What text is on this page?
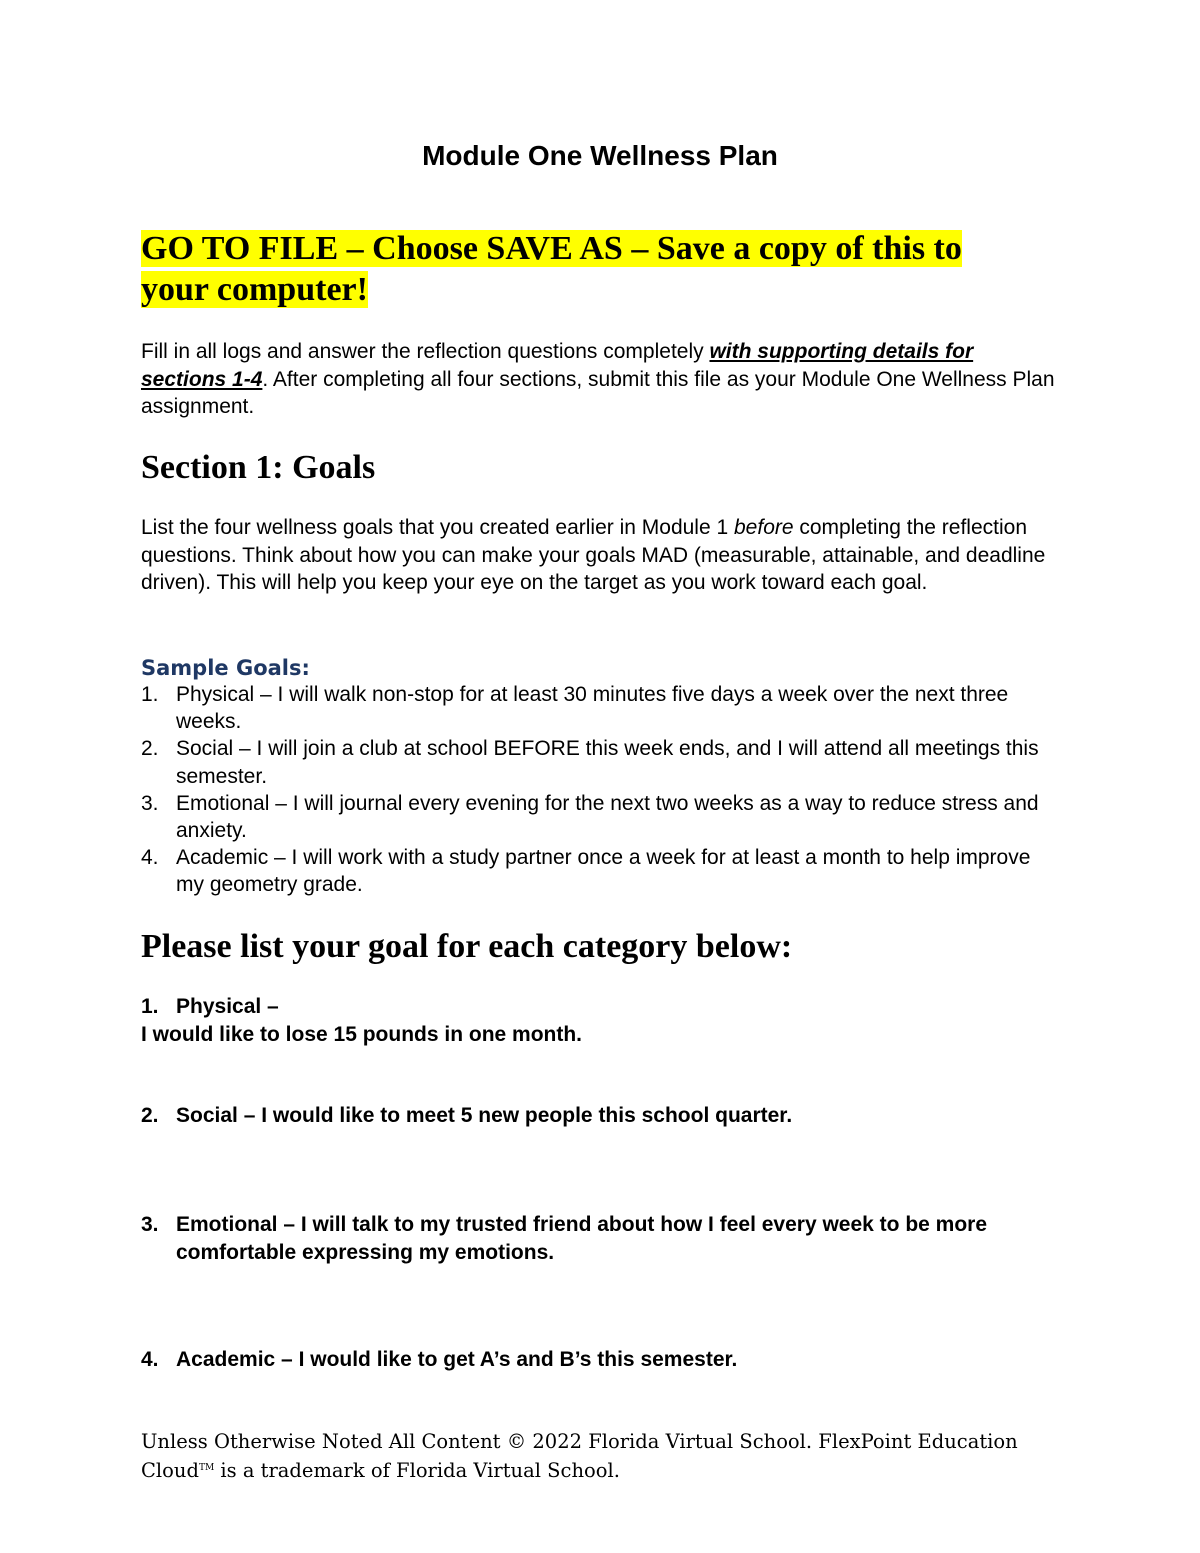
Module One Wellness Plan

GO TO FILE – Choose SAVE AS – Save a copy of this to
your computer!

Fill in all logs and answer the reflection questions completely with supporting details for sections 1-4. After completing all four sections, submit this file as your Module One Wellness Plan assignment.

Section 1: Goals

List the four wellness goals that you created earlier in Module 1 before completing the reflection questions. Think about how you can make your goals MAD (measurable, attainable, and deadline driven). This will help you keep your eye on the target as you work toward each goal.

Sample Goals:

1. Physical – I will walk non-stop for at least 30 minutes five days a week over the next three weeks.
2. Social – I will join a club at school BEFORE this week ends, and I will attend all meetings this semester.
3. Emotional – I will journal every evening for the next two weeks as a way to reduce stress and anxiety.
4. Academic – I will work with a study partner once a week for at least a month to help improve my geometry grade.
Please list your goal for each category below:
1. Physical –
I would like to lose 15 pounds in one month.
2. Social – I would like to meet 5 new people this school quarter.
3. Emotional – I will talk to my trusted friend about how I feel every week to be more comfortable expressing my emotions.
4. Academic – I would like to get A’s and B’s this semester.

Unless Otherwise Noted All Content © 2022 Florida Virtual School. FlexPoint Education Cloud™ is a trademark of Florida Virtual School.
